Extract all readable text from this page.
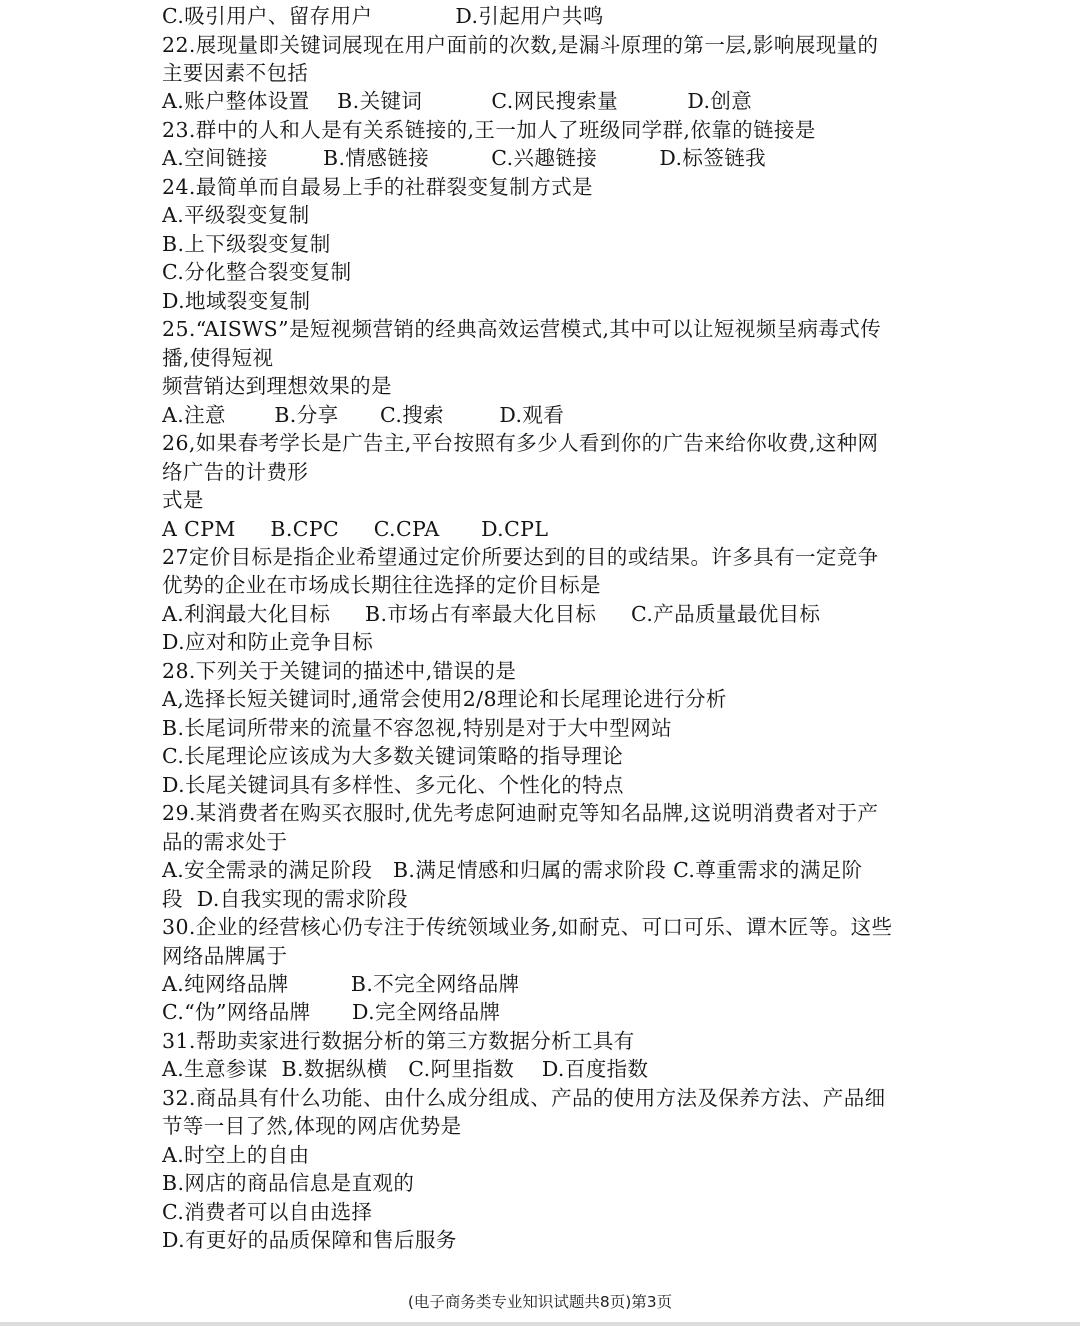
C.吸引用户、留存用户            D.引起用户共鸣
22.展现量即关键词展现在用户面前的次数,是漏斗原理的第一层,影响展现量的
主要因素不包括
A.账户整体设置    B.关键词          C.网民搜索量          D.创意
23.群中的人和人是有关系链接的,王一加人了班级同学群,依靠的链接是
A.空间链接        B.情感链接         C.兴趣链接         D.标签链我
24.最简单而自最易上手的社群裂变复制方式是
A.平级裂变复制
B.上下级裂变复制
C.分化整合裂变复制
D.地域裂变复制
25.“AISWS”是短视频营销的经典高效运营模式,其中可以让短视频呈病毒式传
播,使得短视
频营销达到理想效果的是
A.注意       B.分享      C.搜索        D.观看
26,如果春考学长是广告主,平台按照有多少人看到你的广告来给你收费,这种网
络广告的计费形
式是
A CPM     B.CPC     C.CPA      D.CPL
27定价目标是指企业希望通过定价所要达到的目的或结果。许多具有一定竞争
优势的企业在市场成长期往往选择的定价目标是
A.利润最大化目标     B.市场占有率最大化目标     C.产品质量最优目标
D.应对和防止竞争目标
28.下列关于关键词的描述中,错误的是
A,选择长短关键词时,通常会使用2/8理论和长尾理论进行分析
B.长尾词所带来的流量不容忽视,特别是对于大中型网站
C.长尾理论应该成为大多数关键词策略的指导理论
D.长尾关键词具有多样性、多元化、个性化的特点
29.某消费者在购买衣服时,优先考虑阿迪耐克等知名品牌,这说明消费者对于产
品的需求处于
A.安全需录的满足阶段   B.满足情感和归属的需求阶段 C.尊重需求的满足阶
段  D.自我实现的需求阶段
30.企业的经营核心仍专注于传统领域业务,如耐克、可口可乐、谭木匠等。这些
网络品牌属于
A.纯网络品牌         B.不完全网络品牌
C.“伪”网络品牌      D.完全网络品牌
31.帮助卖家进行数据分析的第三方数据分析工具有
A.生意参谋  B.数据纵横   C.阿里指数    D.百度指数
32.商品具有什么功能、由什么成分组成、产品的使用方法及保养方法、产品细
节等一目了然,体现的网店优势是
A.时空上的自由
B.网店的商品信息是直观的
C.消费者可以自由选择
D.有更好的品质保障和售后服务
(电子商务类专业知识试题共8页)第3页
